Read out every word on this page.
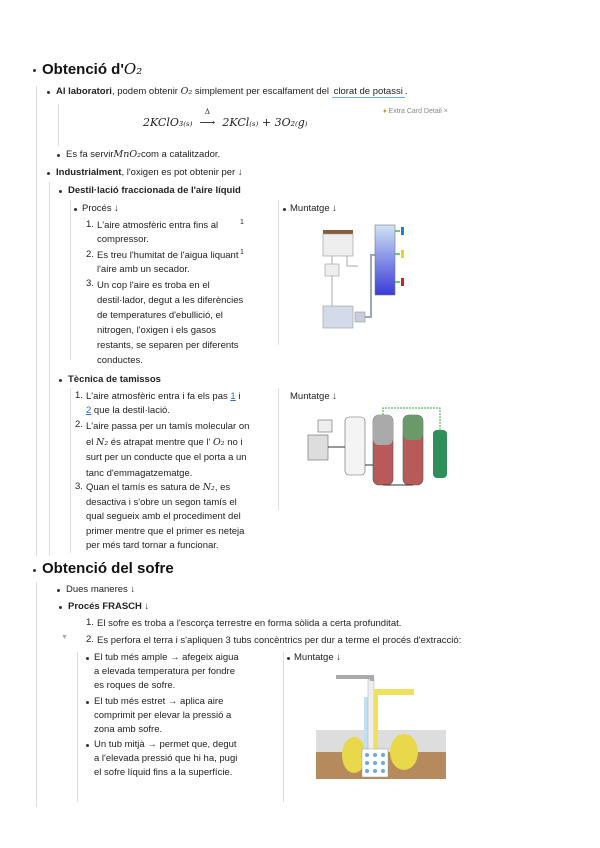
Obtenció d'O₂
Al laboratori, podem obtenir O₂ simplement per escalfament del clorat de potassi .
2KClO₃₍ₛ₎
Δ
⟶ 2KCl₍ₛ₎ + 3O₂₍g₎
♦ Extra Card Detail ×
Es fa servirMnO₂com a catalitzador.
Industrialment, l'oxigen es pot obtenir per ↓
Destil·lació fraccionada de l'aire líquid
Procés ↓
1. L'aire atmosfèric entra fins al compressor.
1
2. Es treu l'humitat de l'aigua liquant l'aire amb un secador.
1
3. Un cop l'aire es troba en el destil·lador, degut a les diferències de temperatures d'ebullició, el nitrogen, l'oxigen i els gasos restants, se separen per diferents conductes.
Muntatge ↓
Tècnica de tamissos
1. L'aire atmosfèric entra i fa els pas 1 i 2 que la destil·lació.
2. L'aire passa per un tamís molecular on el N₂ és atrapat mentre que l' O₂ no i surt per un conducte que el porta a un tanc d'emmagatzematge.
3. Quan el tamís es satura de N₂, es desactiva i s'obre un segon tamís el qual segueix amb el procediment del primer mentre que el primer es neteja per més tard tornar a funcionar.
Muntatge ↓
Obtenció del sofre
Dues maneres ↓
Procés FRASCH ↓
1. El sofre es troba a l'escorça terrestre en forma sòlida a certa profunditat.
▼ 2. Es perfora el terra i s'apliquen 3 tubs concèntrics per dur a terme el procés d'extracció:
El tub més ample → afegeix aigua a elevada temperatura per fondre es roques de sofre.
El tub més estret → aplica aire comprimit per elevar la pressió a zona amb sofre.
Un tub mitjà → permet que, degut a l'elevada pressió que hi ha, pugi el sofre líquid fins a la superfície.
Muntatge ↓
